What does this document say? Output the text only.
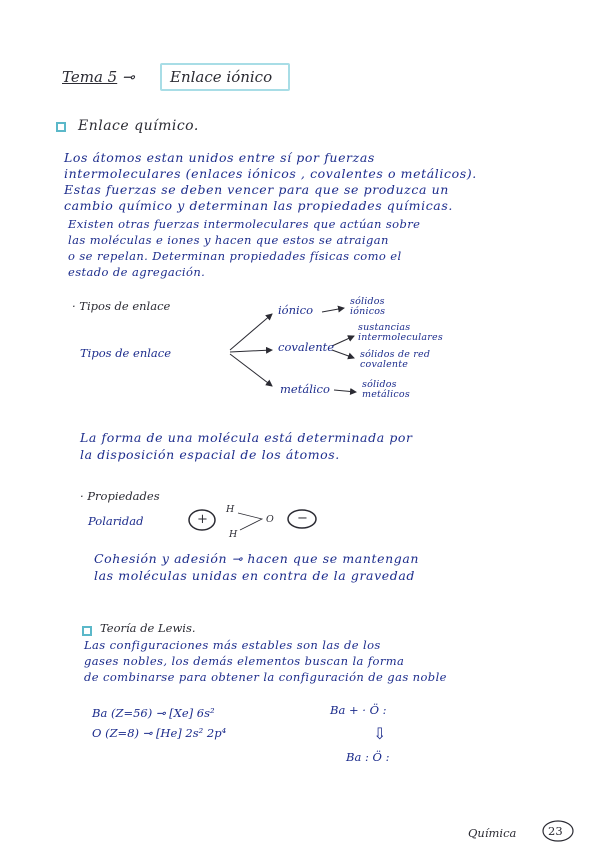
Tema 5 ⊸ Enlace iónico
Enlace químico.
Los átomos estan unidos entre sí por fuerzas
intermoleculares (enlaces iónicos , covalentes o metálicos).
Estas fuerzas se deben vencer para que se produzca un
cambio químico y determinan las propiedades químicas.
Existen otras fuerzas intermoleculares que actúan sobre
las moléculas e iones y hacen que estos se atraigan
o se repelan. Determinan propiedades físicas como el
estado de agregación.
· Tipos de enlace
Tipos de enlace
iónico
sólidos iónicos
covalente
sustancias intermoleculares
sólidos de red covalente
metálico	sólidos metálicos
La forma de una molécula está determinada por
la disposición espacial de los átomos.
· Propiedades
Polaridad	+	−
H
H
O
Cohesión y adesión ⊸ hacen que se mantengan
las moléculas unidas en contra de la gravedad
Teoría de Lewis.
Las configuraciones más estables son las de los
gases nobles, los demás elementos buscan la forma
de combinarse para obtener la configuración de gas noble
Ba (Z=56) ⊸ [Xe] 6s²
O (Z=8) ⊸ [He] 2s² 2p⁴
Ba + · Ö :
⇩
Ba : Ö :
Química	23
